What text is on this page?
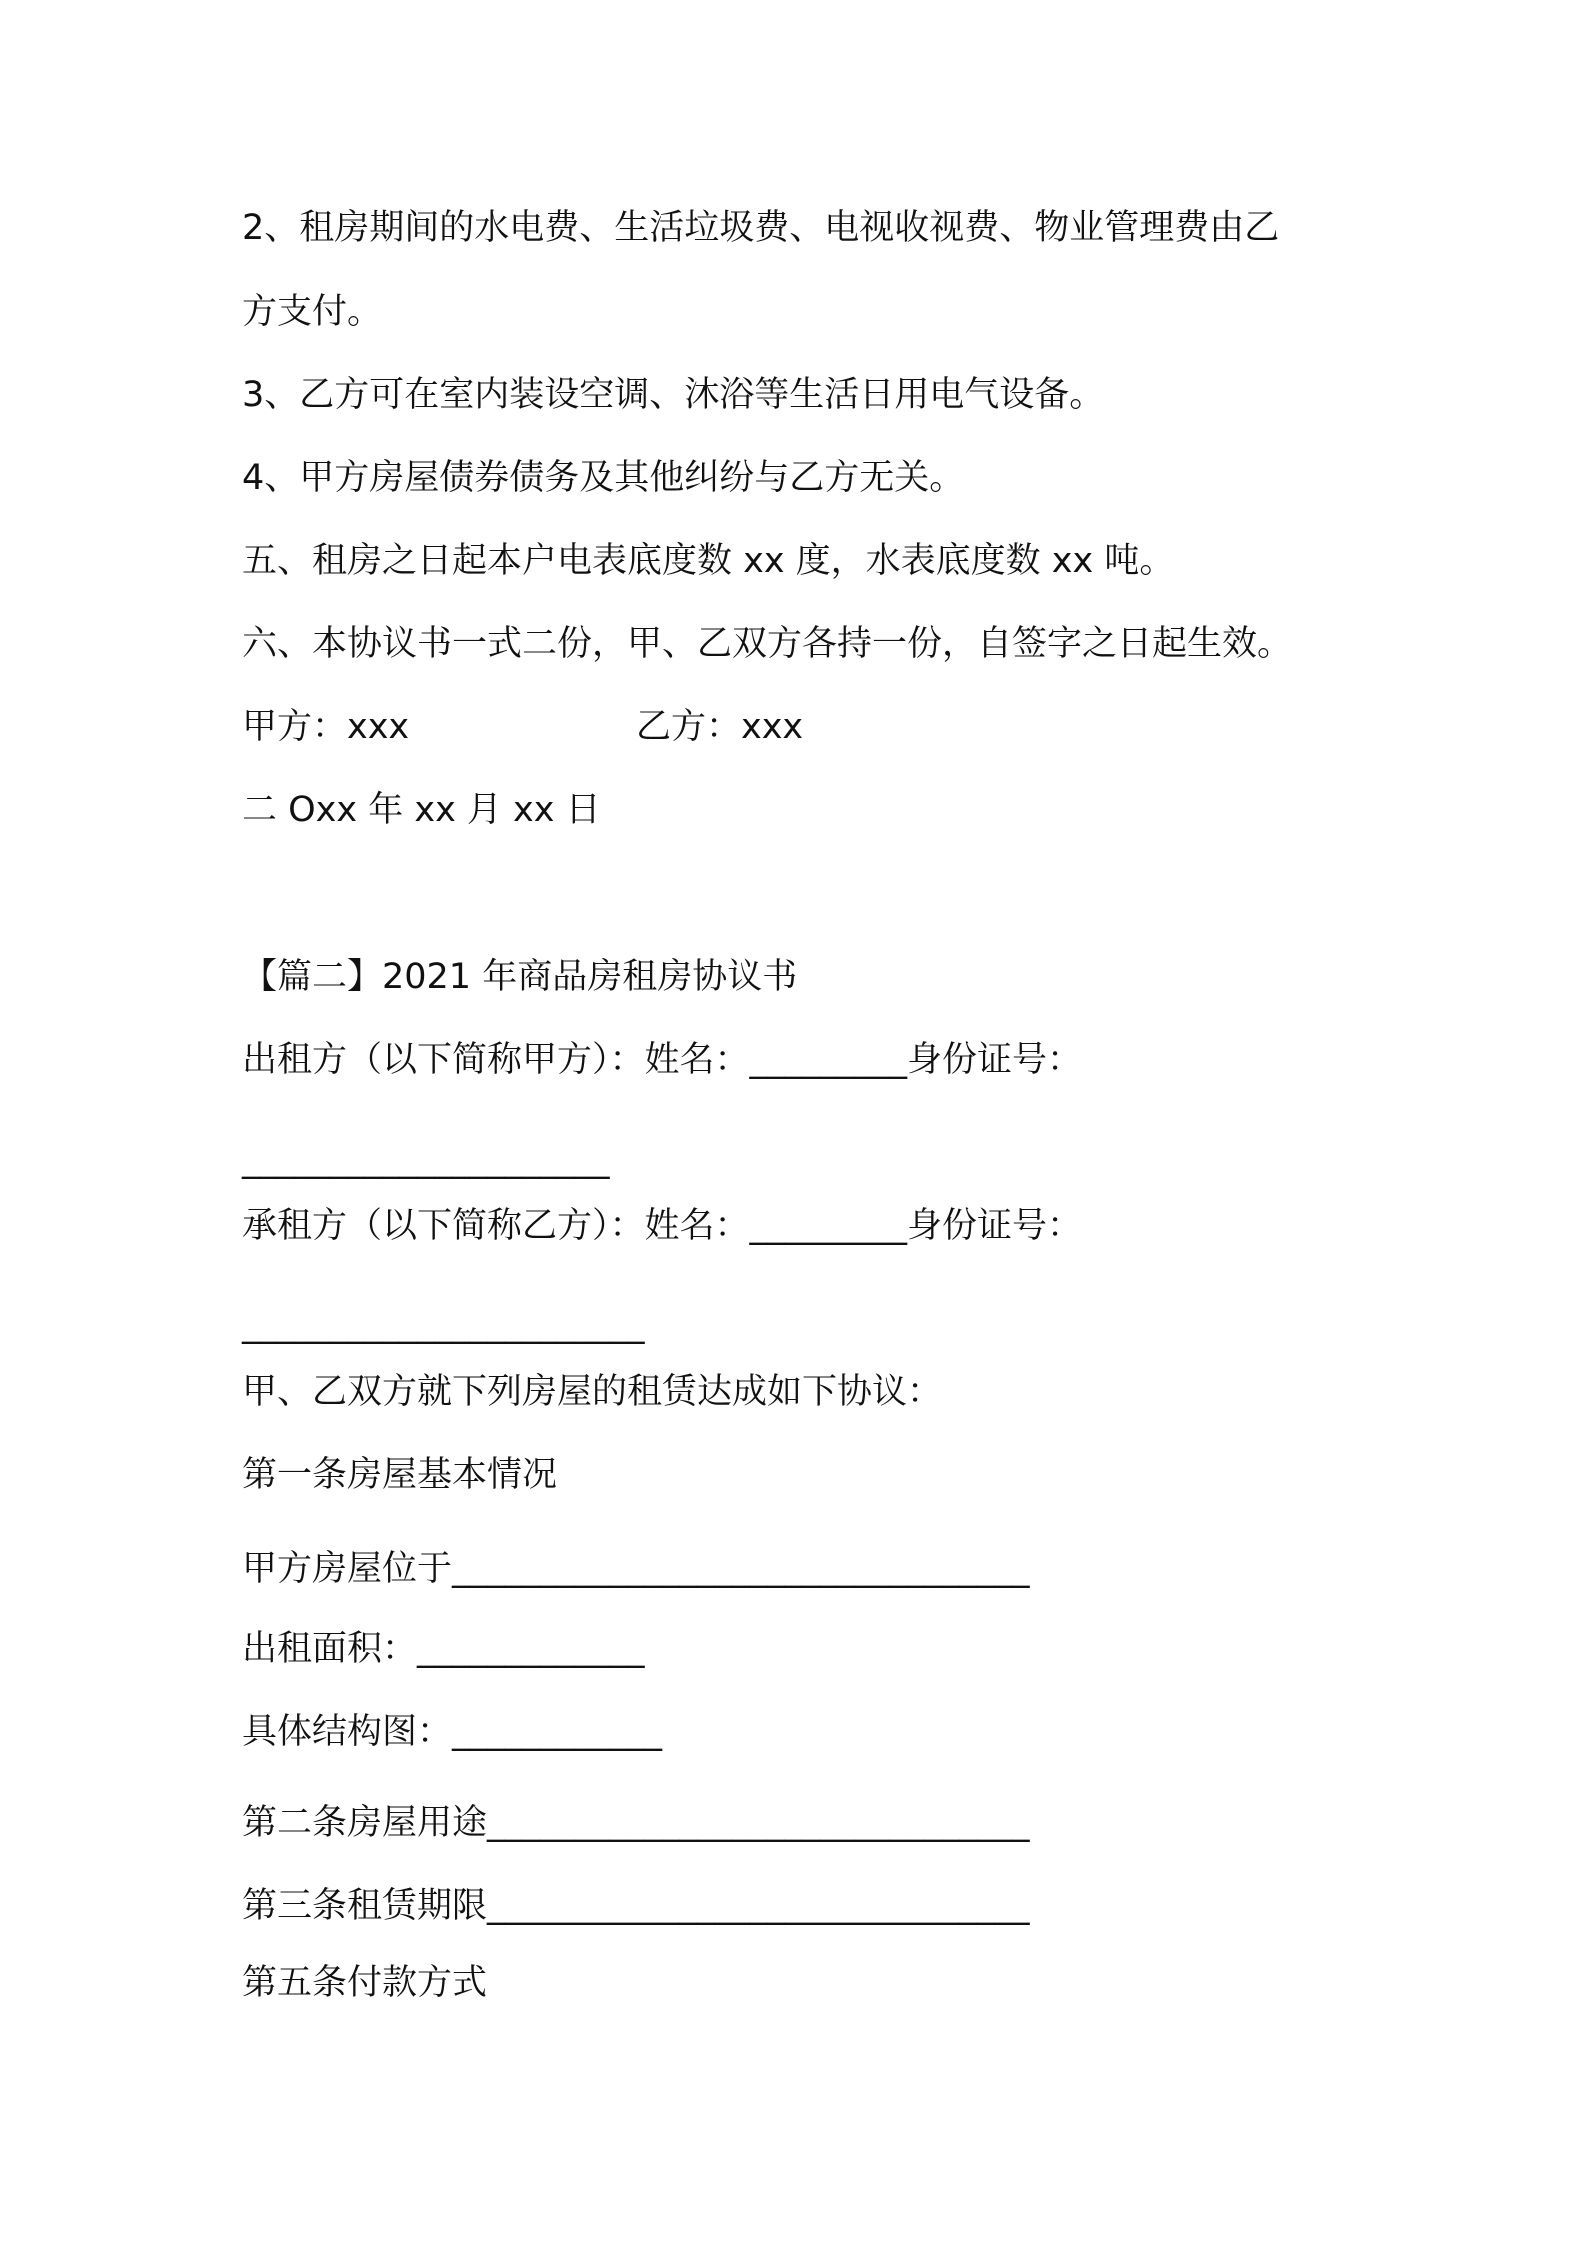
2、租房期间的水电费、生活垃圾费、电视收视费、物业管理费由乙
方支付。
3、乙方可在室内装设空调、沐浴等生活日用电气设备。
4、甲方房屋债券债务及其他纠纷与乙方无关。
五、租房之日起本户电表底度数 xx 度，水表底度数 xx 吨。
六、本协议书一式二份，甲、乙双方各持一份，自签字之日起生效。
甲方：xxx	乙方：xxx
二 Oxx 年 xx 月 xx 日
【篇二】2021 年商品房租房协议书
出租方（以下简称甲方）：姓名：_________身份证号：
_____________________
承租方（以下简称乙方）：姓名：_________身份证号：
_______________________
甲、乙双方就下列房屋的租赁达成如下协议：
第一条房屋基本情况
甲方房屋位于_________________________________
出租面积：_____________
具体结构图：____________
第二条房屋用途_______________________________
第三条租赁期限_______________________________
第五条付款方式
